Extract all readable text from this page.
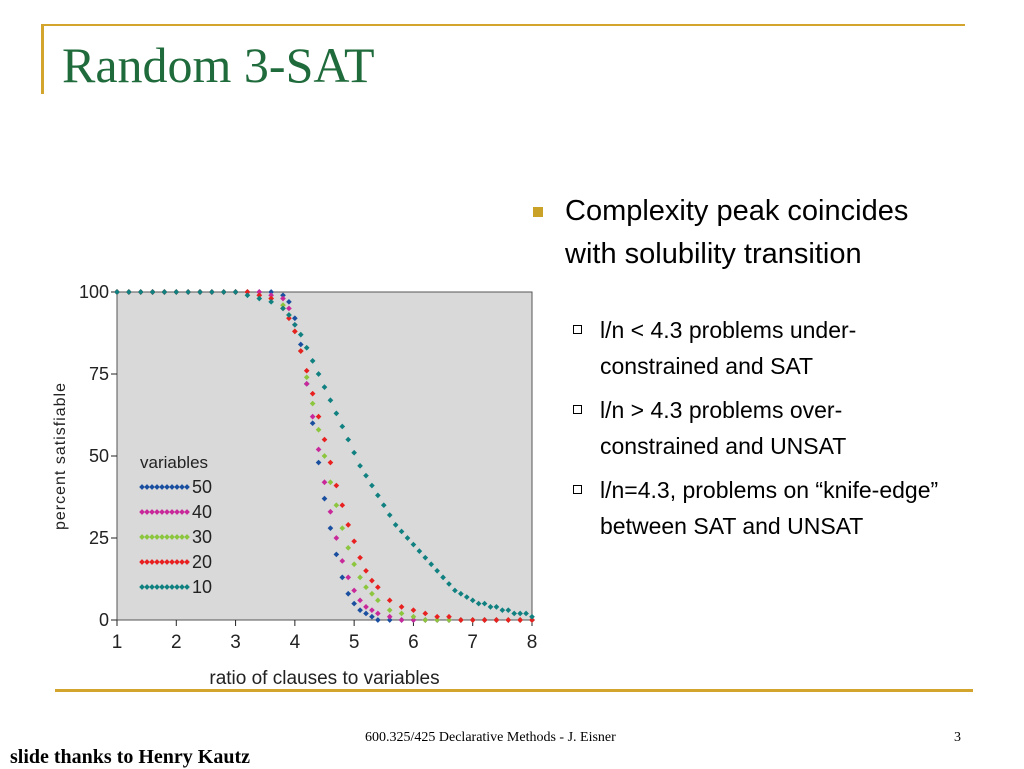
Random 3-SAT
0
25
50
75
100
1	2	3	4	5	6	7	8
ratio of clauses to variables
percent satisfiable	variables
50
40
30
20
10
Complexity peak coincides with solubility transition
l/n < 4.3 problems under-constrained and SAT
l/n > 4.3 problems over-constrained and UNSAT
l/n=4.3, problems on “knife-edge” between SAT and UNSAT
600.325/425 Declarative Methods - J. Eisner	3
slide thanks to Henry Kautz
